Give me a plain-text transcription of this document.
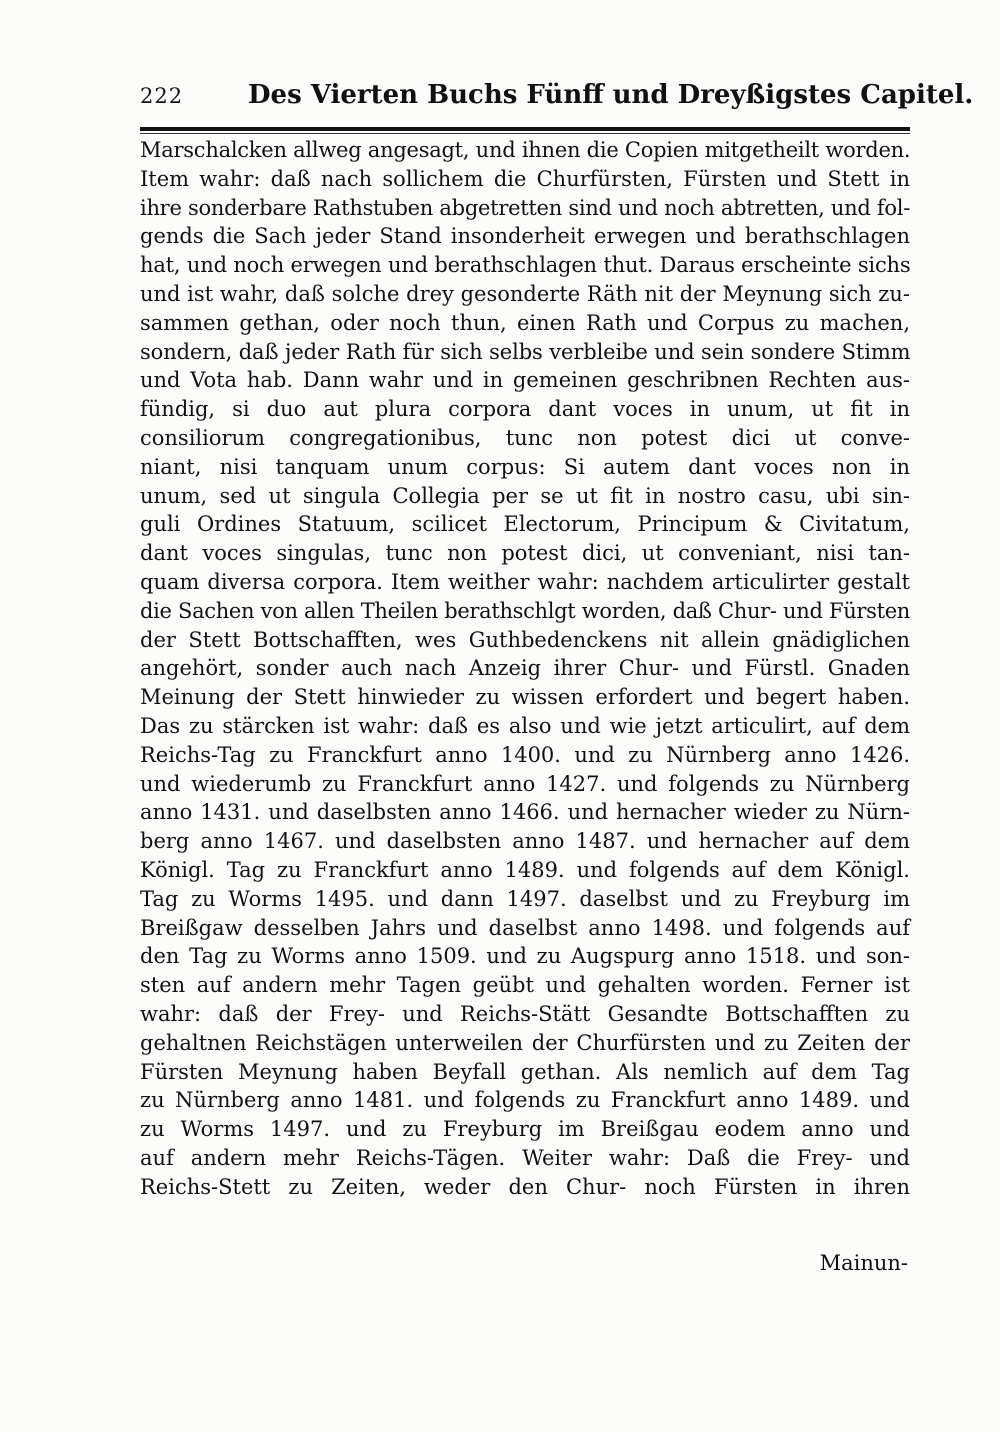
222 Des Vierten Buchs Fünff und Dreyßigstes Capitel.
Marschalcken allweg angesagt, und ihnen die Copien mitgetheilt worden.
Item wahr: daß nach sollichem die Churfürsten, Fürsten und Stett in
ihre sonderbare Rathstuben abgetretten sind und noch abtretten, und fol-
gends die Sach jeder Stand insonderheit erwegen und berathschlagen
hat, und noch erwegen und berathschlagen thut. Daraus erscheinte sichs
und ist wahr, daß solche drey gesonderte Räth nit der Meynung sich zu-
sammen gethan, oder noch thun, einen Rath und Corpus zu machen,
sondern, daß jeder Rath für sich selbs verbleibe und sein sondere Stimm
und Vota hab. Dann wahr und in gemeinen geschribnen Rechten aus-
fündig, si duo aut plura corpora dant voces in unum, ut fit in
consiliorum congregationibus, tunc non potest dici ut conve-
niant, nisi tanquam unum corpus: Si autem dant voces non in
unum, sed ut singula Collegia per se ut fit in nostro casu, ubi sin-
guli Ordines Statuum, scilicet Electorum, Principum & Civitatum,
dant voces singulas, tunc non potest dici, ut conveniant, nisi tan-
quam diversa corpora. Item weither wahr: nachdem articulirter gestalt
die Sachen von allen Theilen berathschlgt worden, daß Chur- und Fürsten
der Stett Bottschafften, wes Guthbedenckens nit allein gnädiglichen
angehört, sonder auch nach Anzeig ihrer Chur- und Fürstl. Gnaden
Meinung der Stett hinwieder zu wissen erfordert und begert haben.
Das zu stärcken ist wahr: daß es also und wie jetzt articulirt, auf dem
Reichs-Tag zu Franckfurt anno 1400. und zu Nürnberg anno 1426.
und wiederumb zu Franckfurt anno 1427. und folgends zu Nürnberg
anno 1431. und daselbsten anno 1466. und hernacher wieder zu Nürn-
berg anno 1467. und daselbsten anno 1487. und hernacher auf dem
Königl. Tag zu Franckfurt anno 1489. und folgends auf dem Königl.
Tag zu Worms 1495. und dann 1497. daselbst und zu Freyburg im
Breißgaw desselben Jahrs und daselbst anno 1498. und folgends auf
den Tag zu Worms anno 1509. und zu Augspurg anno 1518. und son-
sten auf andern mehr Tagen geübt und gehalten worden. Ferner ist
wahr: daß der Frey- und Reichs-Stätt Gesandte Bottschafften zu
gehaltnen Reichstägen unterweilen der Churfürsten und zu Zeiten der
Fürsten Meynung haben Beyfall gethan. Als nemlich auf dem Tag
zu Nürnberg anno 1481. und folgends zu Franckfurt anno 1489. und
zu Worms 1497. und zu Freyburg im Breißgau eodem anno und
auf andern mehr Reichs-Tägen. Weiter wahr: Daß die Frey- und
Reichs-Stett zu Zeiten, weder den Chur- noch Fürsten in ihren
Mainun-
